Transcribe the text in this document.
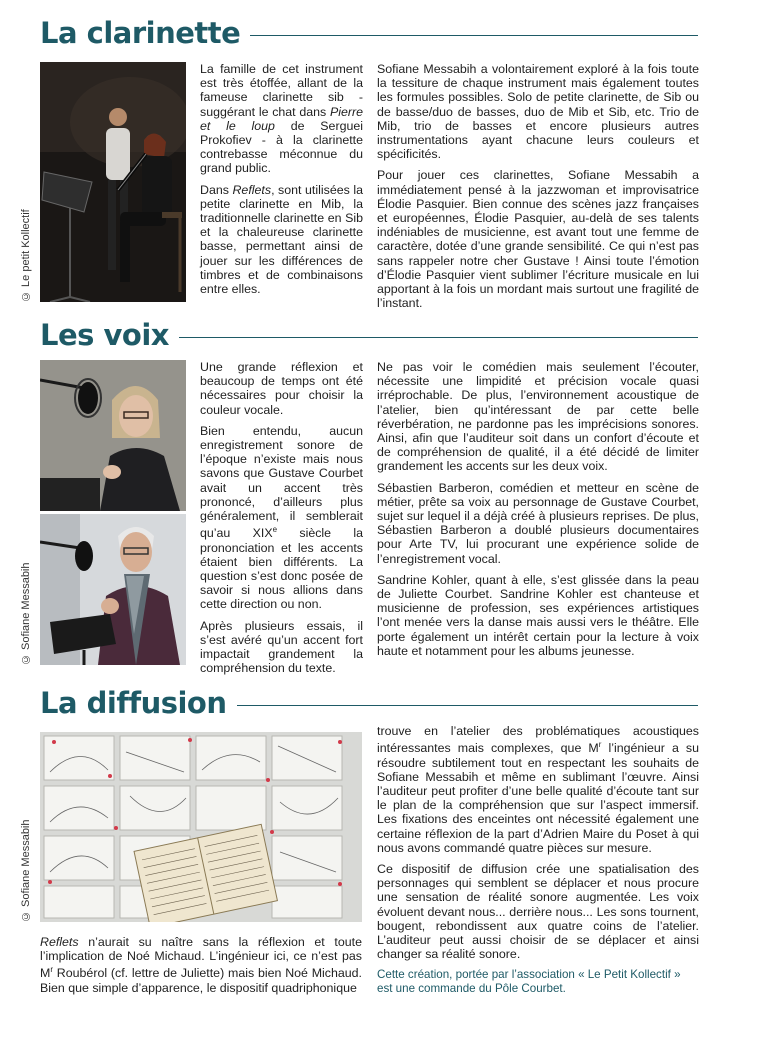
La clarinette
© Le petit Kollectif

La famille de cet instrument est très étoffée, allant de la fameuse clarinette sib - suggérant le chat dans Pierre et le loup de Serguei Prokofiev - à la clarinette contrebasse méconnue du grand public.

Dans Reflets, sont utilisées la petite clarinette en Mib, la traditionnelle clarinette en Sib et la chaleureuse clarinette basse, permettant ainsi de jouer sur les différences de timbres et de combinaisons entre elles.

Sofiane Messabih a volontairement exploré à la fois toute la tessiture de chaque instrument mais également toutes les formules possibles. Solo de petite clarinette, de Sib ou de basse/duo de basses, duo de Mib et Sib, etc. Trio de Mib, trio de basses et encore plusieurs autres instrumentations ayant chacune leurs couleurs et spécificités.

Pour jouer ces clarinettes, Sofiane Messabih a immédiatement pensé à la jazzwoman et improvisatrice Élodie Pasquier. Bien connue des scènes jazz françaises et européennes, Élodie Pasquier, au-delà de ses talents indéniables de musicienne, est avant tout une femme de caractère, dotée d’une grande sensibilité. Ce qui n’est pas sans rappeler notre cher Gustave ! Ainsi toute l’émotion d’Élodie Pasquier vient sublimer l’écriture musicale en lui apportant à la fois un mordant mais surtout une fragilité de l’instant.

Les voix
© Sofiane Messabih

Une grande réflexion et beaucoup de temps ont été nécessaires pour choisir la couleur vocale.

Bien entendu, aucun enregistrement sonore de l’époque n’existe mais nous savons que Gustave Courbet avait un accent très prononcé, d’ailleurs plus généralement, il semblerait qu’au XIXe siècle la prononciation et les accents étaient bien différents. La question s’est donc posée de savoir si nous allions dans cette direction ou non.

Après plusieurs essais, il s’est avéré qu’un accent fort impactait grandement la compréhension du texte.

Ne pas voir le comédien mais seulement l’écouter, nécessite une limpidité et précision vocale quasi irréprochable. De plus, l’environnement acoustique de l’atelier, bien qu’intéressant de par cette belle réverbération, ne pardonne pas les imprécisions sonores. Ainsi, afin que l’auditeur soit dans un confort d’écoute et de compréhension de qualité, il a été décidé de limiter grandement les accents sur les deux voix.

Sébastien Barberon, comédien et metteur en scène de métier, prête sa voix au personnage de Gustave Courbet, sujet sur lequel il a déjà créé à plusieurs reprises. De plus, Sébastien Barberon a doublé plusieurs documentaires pour Arte TV, lui procurant une expérience solide de l’enregistrement vocal.

Sandrine Kohler, quant à elle, s’est glissée dans la peau de Juliette Courbet. Sandrine Kohler est chanteuse et musicienne de profession, ses expériences artistiques l’ont menée vers la danse mais aussi vers le théâtre. Elle porte également un intérêt certain pour la lecture à voix haute et notamment pour les albums jeunesse.

La diffusion
© Sofiane Messabih

Reflets n’aurait su naître sans la réflexion et toute l’implication de Noé Michaud. L’ingénieur ici, ce n’est pas $M^r$ Roubérol (cf. lettre de Juliette) mais bien Noé Michaud. Bien que simple d’apparence, le dispositif quadriphonique

trouve en l’atelier des problématiques acoustiques intéressantes mais complexes, que $M^r$ l’ingénieur a su résoudre subtilement tout en respectant les souhaits de Sofiane Messabih et même en sublimant l’œuvre. Ainsi l’auditeur peut profiter d’une belle qualité d’écoute tant sur le plan de la compréhension que sur l’aspect immersif. Les fixations des enceintes ont nécessité également une certaine réflexion de la part d’Adrien Maire du Poset à qui nous avons commandé quatre pièces sur mesure.

Ce dispositif de diffusion crée une spatialisation des personnages qui semblent se déplacer et nous procure une sensation de réalité sonore augmentée. Les voix évoluent devant nous... derrière nous... Les sons tournent, bougent, rebondissent aux quatre coins de l’atelier. L’auditeur peut aussi choisir de se déplacer et ainsi changer sa réalité sonore.

Cette création, portée par l’association « Le Petit Kollectif » est une commande du Pôle Courbet.
